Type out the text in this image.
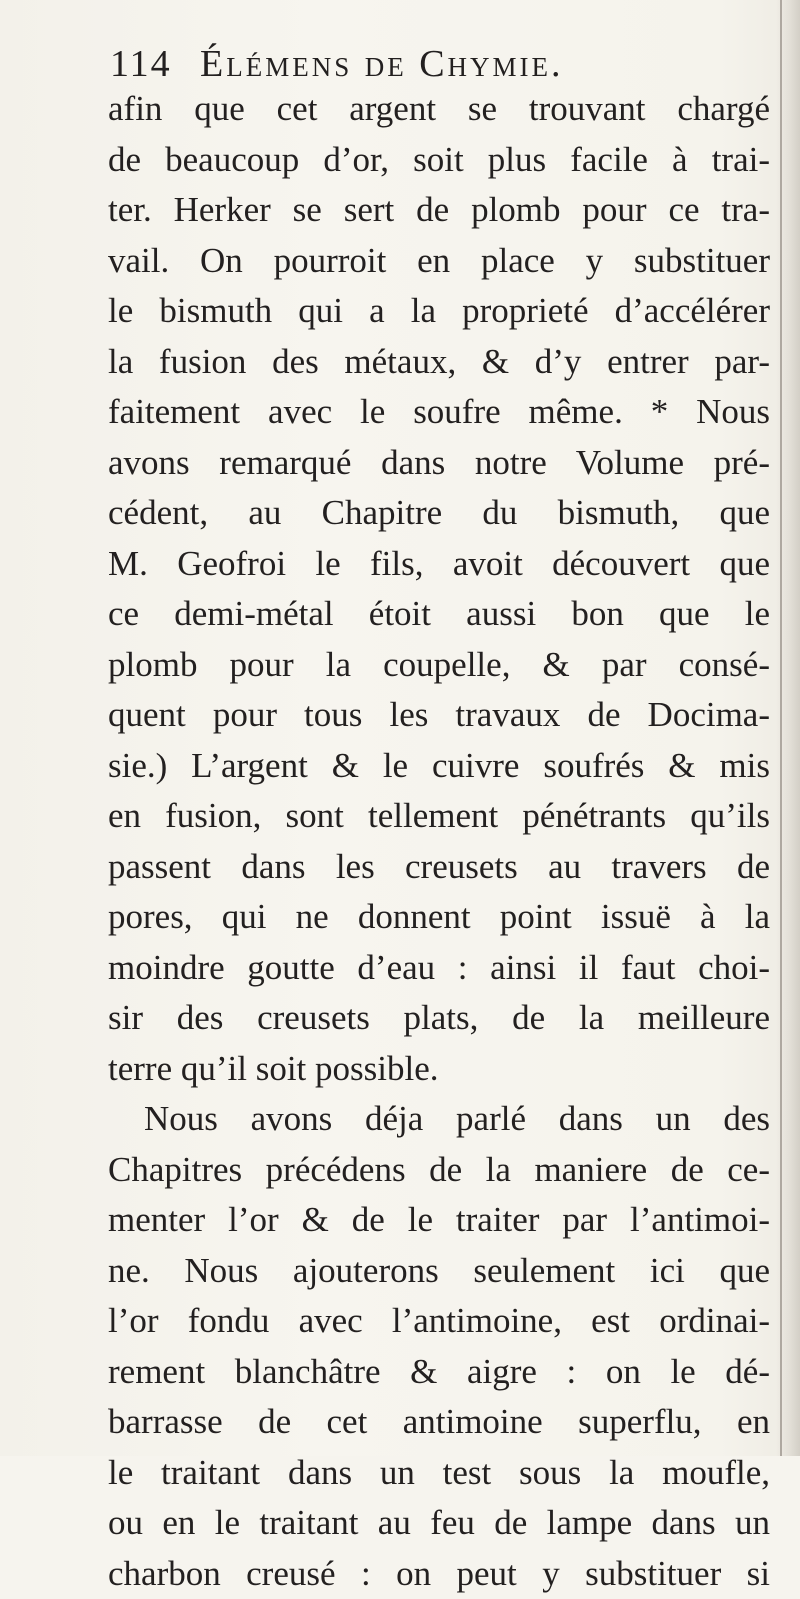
114 Élémens de Chymie.
afin que cet argent se trouvant chargé
de beaucoup d’or, soit plus facile à trai-
ter. Herker se sert de plomb pour ce tra-
vail. On pourroit en place y substituer
le bismuth qui a la proprieté d’accélérer
la fusion des métaux, & d’y entrer par-
faitement avec le soufre même. * Nous
avons remarqué dans notre Volume pré-
cédent, au Chapitre du bismuth, que
M. Geofroi le fils, avoit découvert que
ce demi-métal étoit aussi bon que le
plomb pour la coupelle, & par consé-
quent pour tous les travaux de Docima-
sie.) L’argent & le cuivre soufrés & mis
en fusion, sont tellement pénétrants qu’ils
passent dans les creusets au travers de
pores, qui ne donnent point issuë à la
moindre goutte d’eau : ainsi il faut choi-
sir des creusets plats, de la meilleure
terre qu’il soit possible.
Nous avons déja parlé dans un des
Chapitres précédens de la maniere de ce-
menter l’or & de le traiter par l’antimoi-
ne. Nous ajouterons seulement ici que
l’or fondu avec l’antimoine, est ordinai-
rement blanchâtre & aigre : on le dé-
barrasse de cet antimoine superflu, en
le traitant dans un test sous la moufle,
ou en le traitant au feu de lampe dans un
charbon creusé : on peut y substituer si
